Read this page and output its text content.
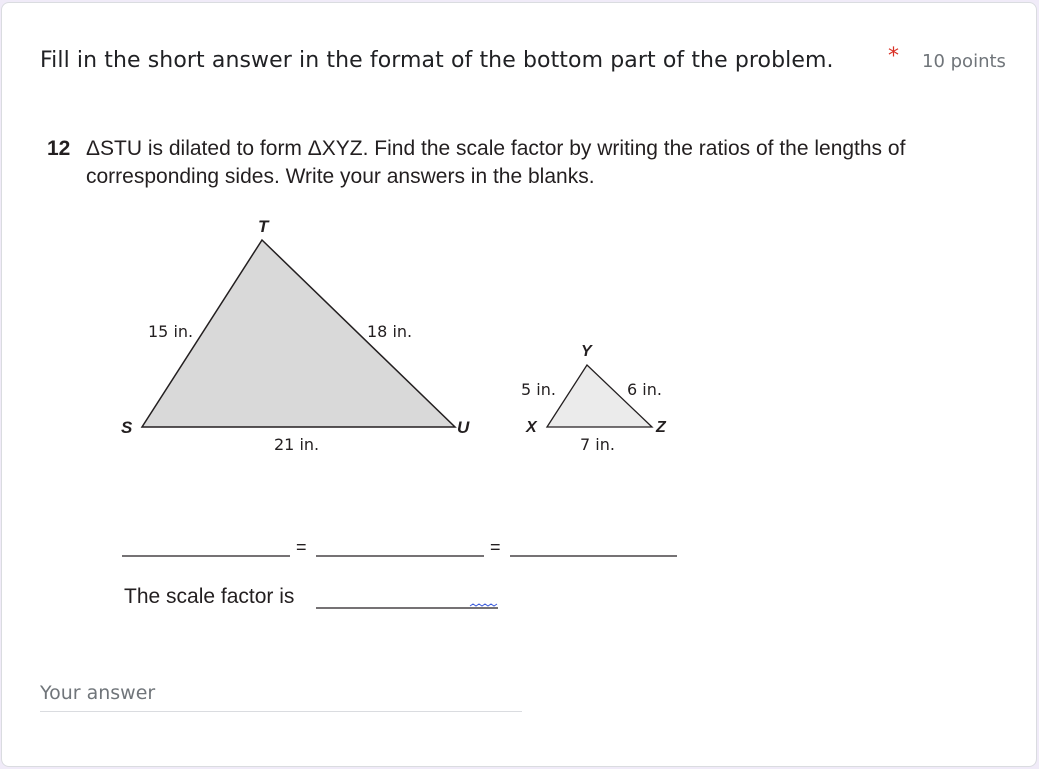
Fill in the short answer in the format of the bottom part of the problem. * 10 points
12 ΔSTU is dilated to form ΔXYZ. Find the scale factor by writing the ratios of the lengths of
corresponding sides. Write your answers in the blanks.
T
S	U
15 in.	18 in.
21 in.
Y
X	Z
5 in.	6 in.
7 in.
=	=
The scale factor is
Your answer
